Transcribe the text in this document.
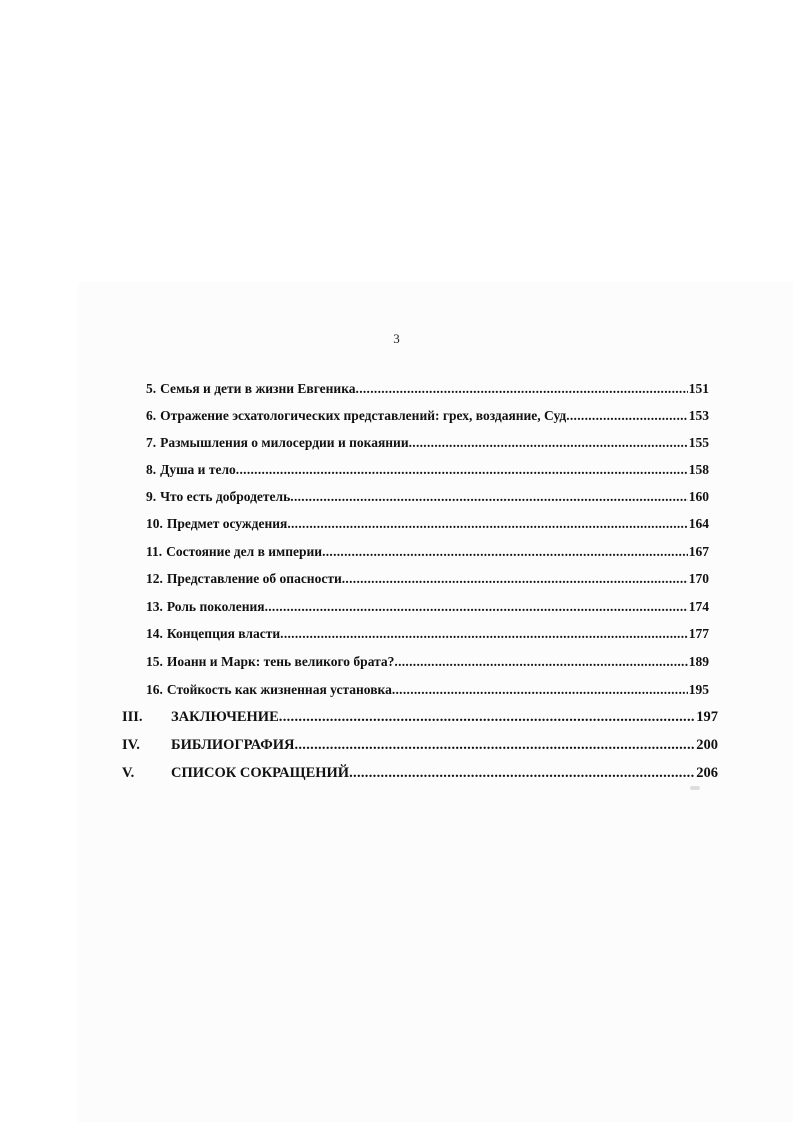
3
5. Семья и дети в жизни Евгеника .....	151
6. Отражение эсхатологических представлений: грех, воздаяние, Суд .....	153
7. Размышления о милосердии и покаянии .....	155
8. Душа и тело .....	158
9. Что есть добродетель .....	160
10. Предмет осуждения .....	164
11. Состояние дел в империи .....	167
12. Представление об опасности .....	170
13. Роль поколения .....	174
14. Концепция власти .....	177
15. Иоанн и Марк: тень великого брата? .....	189
16. Стойкость как жизненная установка .....	195
III.	ЗАКЛЮЧЕНИЕ .....	197
IV.	БИБЛИОГРАФИЯ .....	200
V.	СПИСОК СОКРАЩЕНИЙ .....	206
